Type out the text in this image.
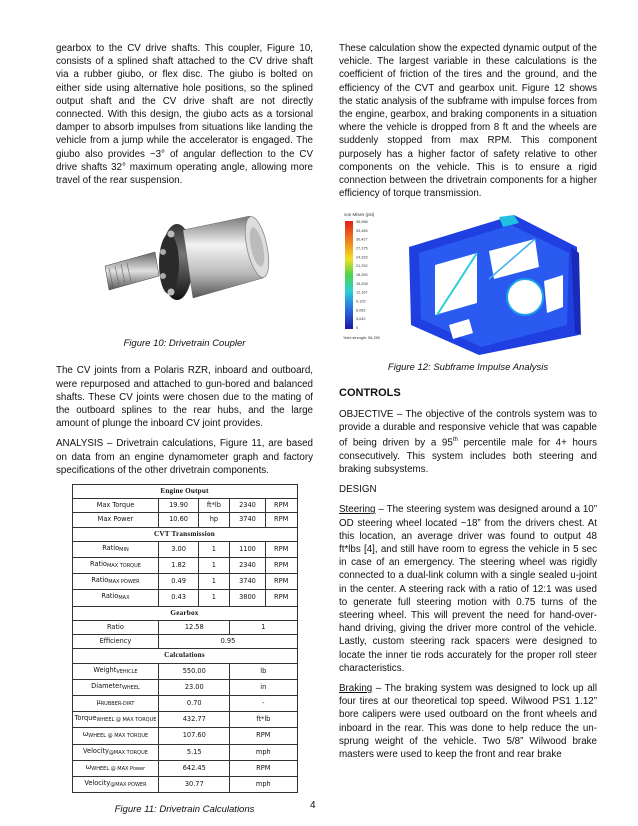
gearbox to the CV drive shafts. This coupler, Figure 10, consists of a splined shaft attached to the CV drive shaft via a rubber giubo, or flex disc. The giubo is bolted on either side using alternative hole positions, so the splined output shaft and the CV drive shaft are not directly connected. With this design, the giubo acts as a torsional damper to absorb impulses from situations like landing the vehicle from a jump while the accelerator is engaged. The giubo also provides ~3° of angular deflection to the CV drive shafts 32° maximum operating angle, allowing more travel of the rear suspension.

Figure 10: Drivetrain Coupler

The CV joints from a Polaris RZR, inboard and outboard, were repurposed and attached to gun-bored and balanced shafts. These CV joints were chosen due to the mating of the outboard splines to the rear hubs, and the large amount of plunge the inboard CV joint provides.

ANALYSIS – Drivetrain calculations, Figure 11, are based on data from an engine dynamometer graph and factory specifications of the other drivetrain components.

Engine Output				
Max Torque	19.90	ft*lb	2340	RPM
Max Power	10.60	hp	3740	RPM
CVT Transmission				
Ratio$_{MIN}$	3.00	1	1100	RPM
Ratio$_{MAX TORQUE}$	1.82	1	2340	RPM
Ratio$_{MAX POWER}$	0.49	1	3740	RPM
Ratio$_{MAX}$	0.43	1	3800	RPM
Gearbox				
Ratio	12.58		1	
Efficiency	0.95			
Calculations				
Weight$_{VEHICLE}$	550.00		lb	
Diameter$_{WHEEL}$	23.00		in	
$\mu_{RUBBER-DIRT}$	0.70		-	
Torque$_{WHEEL @ MAX TORQUE}$	432.77		ft*lb	
$\omega_{WHEEL @ MAX TORQUE}$	107.60		RPM	
Velocity$_{@MAX TORQUE}$	5.15		mph	
$\omega_{WHEEL @ MAX Power}$	642.45		RPM	
Velocity$_{@MAX POWER}$	30.77		mph	

Figure 11: Drivetrain Calculations

These calculation show the expected dynamic output of the vehicle. The largest variable in these calculations is the coefficient of friction of the tires and the ground, and the efficiency of the CVT and gearbox unit. Figure 12 shows the static analysis of the subframe with impulse forces from the engine, gearbox, and braking components in a situation where the vehicle is dropped from 8 ft and the wheels are suddenly stopped from max RPM. This component purposely has a higher factor of safety relative to other components on the vehicle. This is to ensure a rigid connection between the drivetrain components for a higher efficiency of torque transmission.

von Mises (psi)
36,988
33,455
30,427
27,375
24,333
21,292
18,250
15,208
12,167
9,125
6,083
3,042
0
Yield strength: 56,259

Figure 12: Subframe Impulse Analysis

CONTROLS

OBJECTIVE – The objective of the controls system was to provide a durable and responsive vehicle that was capable of being driven by a 95th percentile male for 4+ hours consecutively. This system includes both steering and braking subsystems.

DESIGN

Steering – The steering system was designed around a 10” OD steering wheel located ~18” from the drivers chest. At this location, an average driver was found to output 48 ft*lbs [4], and still have room to egress the vehicle in 5 sec in case of an emergency. The steering wheel was rigidly connected to a dual-link column with a single sealed u-joint in the center. A steering rack with a ratio of 12:1 was used to generate full steering motion with 0.75 turns of the steering wheel. This will prevent the need for hand-over-hand driving, giving the driver more control of the vehicle. Lastly, custom steering rack spacers were designed to locate the inner tie rods accurately for the proper roll steer characteristics.

Braking – The braking system was designed to lock up all four tires at our theoretical top speed. Wilwood PS1 1.12” bore calipers were used outboard on the front wheels and inboard in the rear. This was done to help reduce the un-sprung weight of the vehicle. Two 5/8” Wilwood brake masters were used to keep the front and rear brake

4
